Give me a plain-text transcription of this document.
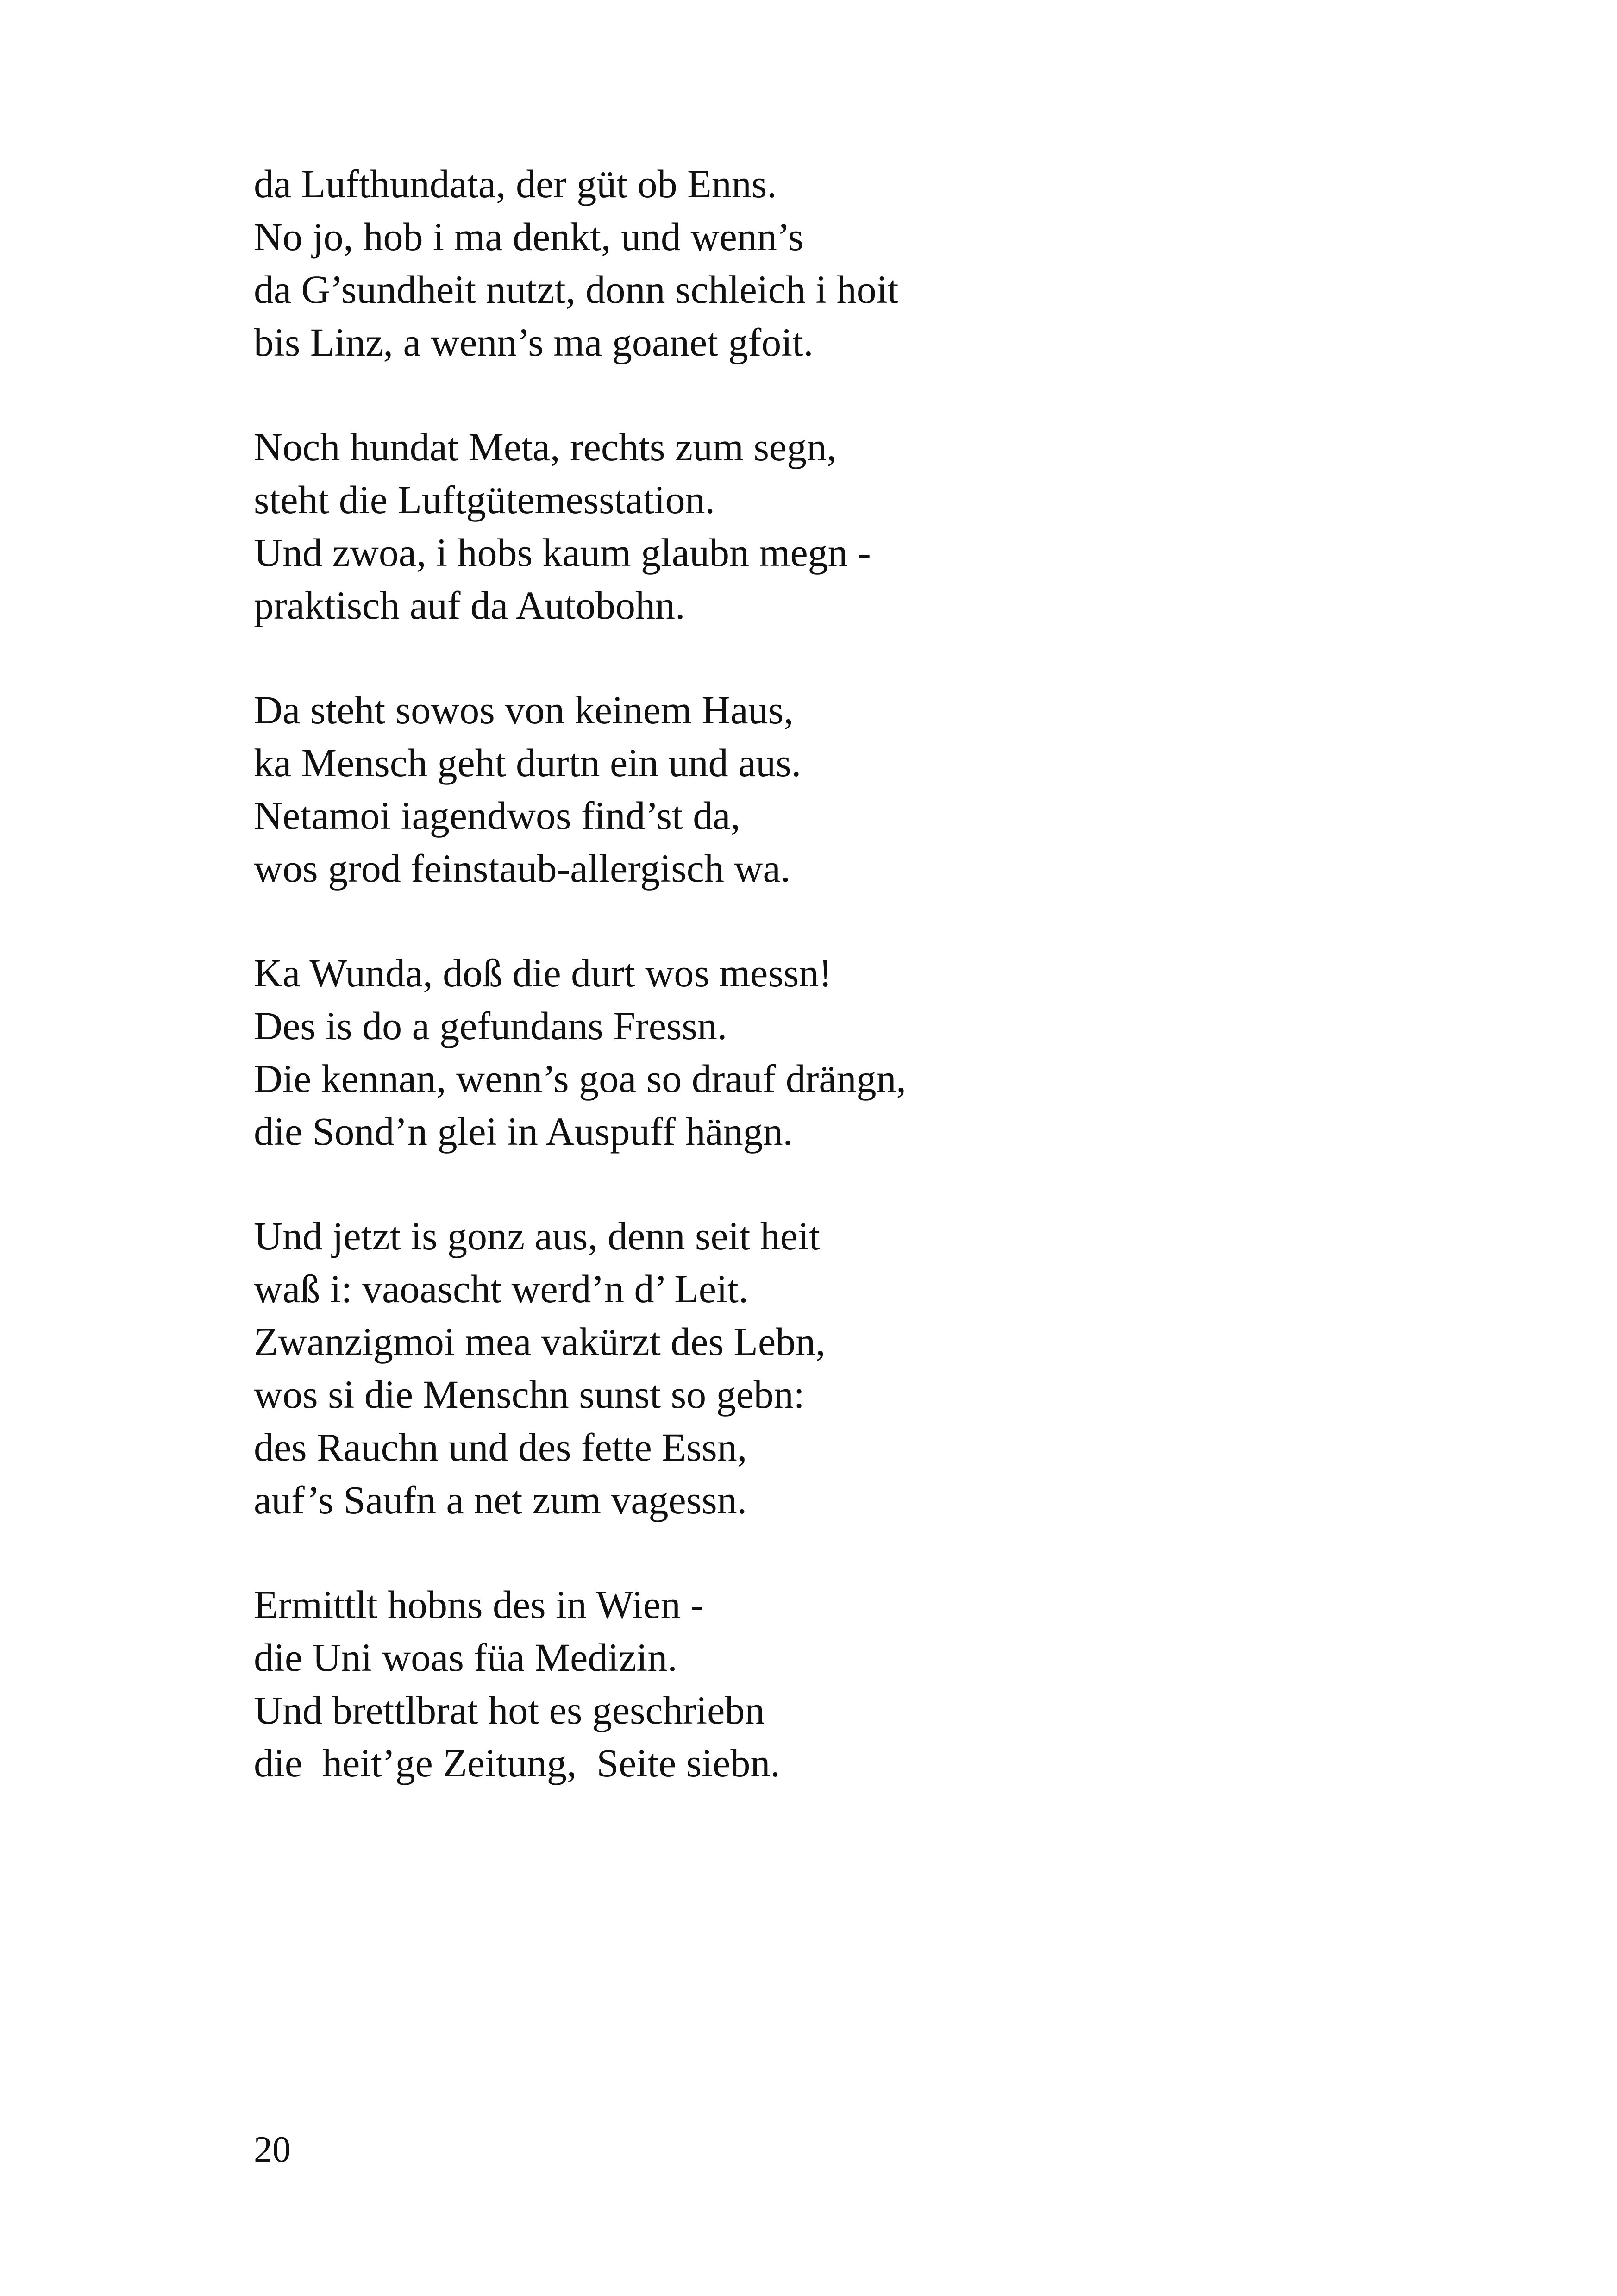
da Lufthundata, der güt ob Enns.
No jo, hob i ma denkt, und wenn’s
da G’sundheit nutzt, donn schleich i hoit
bis Linz, a wenn’s ma goanet gfoit.
Noch hundat Meta, rechts zum segn,
steht die Luftgütemesstation.
Und zwoa, i hobs kaum glaubn megn -
praktisch auf da Autobohn.
Da steht sowos von keinem Haus,
ka Mensch geht durtn ein und aus.
Netamoi iagendwos find’st da,
wos grod feinstaub-allergisch wa.
Ka Wunda, doß die durt wos messn!
Des is do a gefundans Fressn.
Die kennan, wenn’s goa so drauf drängn,
die Sond’n glei in Auspuff hängn.
Und jetzt is gonz aus, denn seit heit
waß i: vaoascht werd’n d’ Leit.
Zwanzigmoi mea vakürzt des Lebn,
wos si die Menschn sunst so gebn:
des Rauchn und des fette Essn,
auf’s Saufn a net zum vagessn.
Ermittlt hobns des in Wien -
die Uni woas füa Medizin.
Und brettlbrat hot es geschriebn
die  heit’ge Zeitung,  Seite siebn.
20
